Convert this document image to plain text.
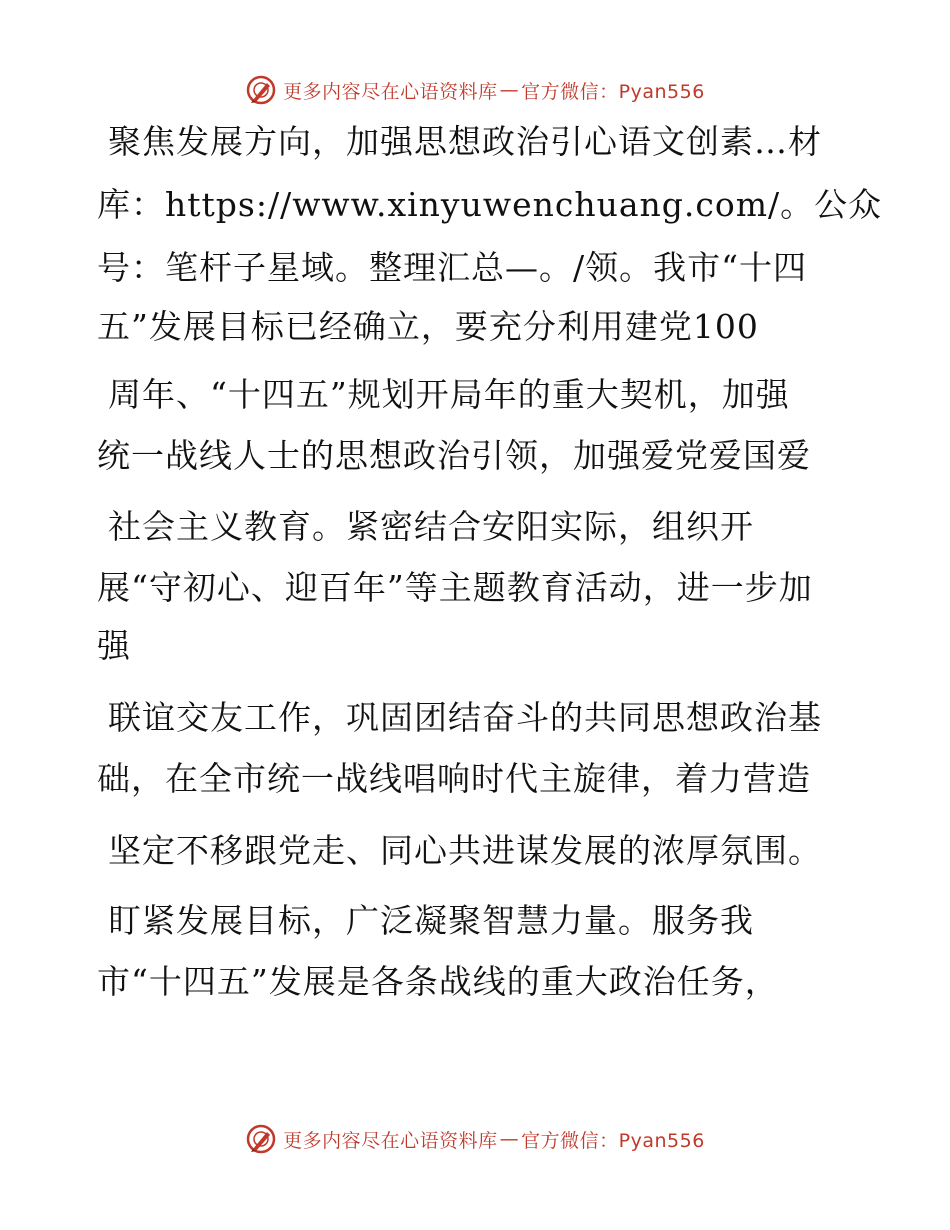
更多内容尽在心语资料库 — 官方微信：Pyan556
聚焦发展方向，加强思想政治引心语文创素…材
库：https://www.xinyuwenchuang.com/。公众
号：笔杆子星域。整理汇总—。/领。我市“十四
五”发展目标已经确立，要充分利用建党100
周年、“十四五”规划开局年的重大契机，加强
统一战线人士的思想政治引领，加强爱党爱国爱
社会主义教育。紧密结合安阳实际，组织开
展“守初心、迎百年”等主题教育活动，进一步加
强
联谊交友工作，巩固团结奋斗的共同思想政治基
础，在全市统一战线唱响时代主旋律，着力营造
坚定不移跟党走、同心共进谋发展的浓厚氛围。
盯紧发展目标，广泛凝聚智慧力量。服务我
市“十四五”发展是各条战线的重大政治任务，
更多内容尽在心语资料库 — 官方微信：Pyan556
